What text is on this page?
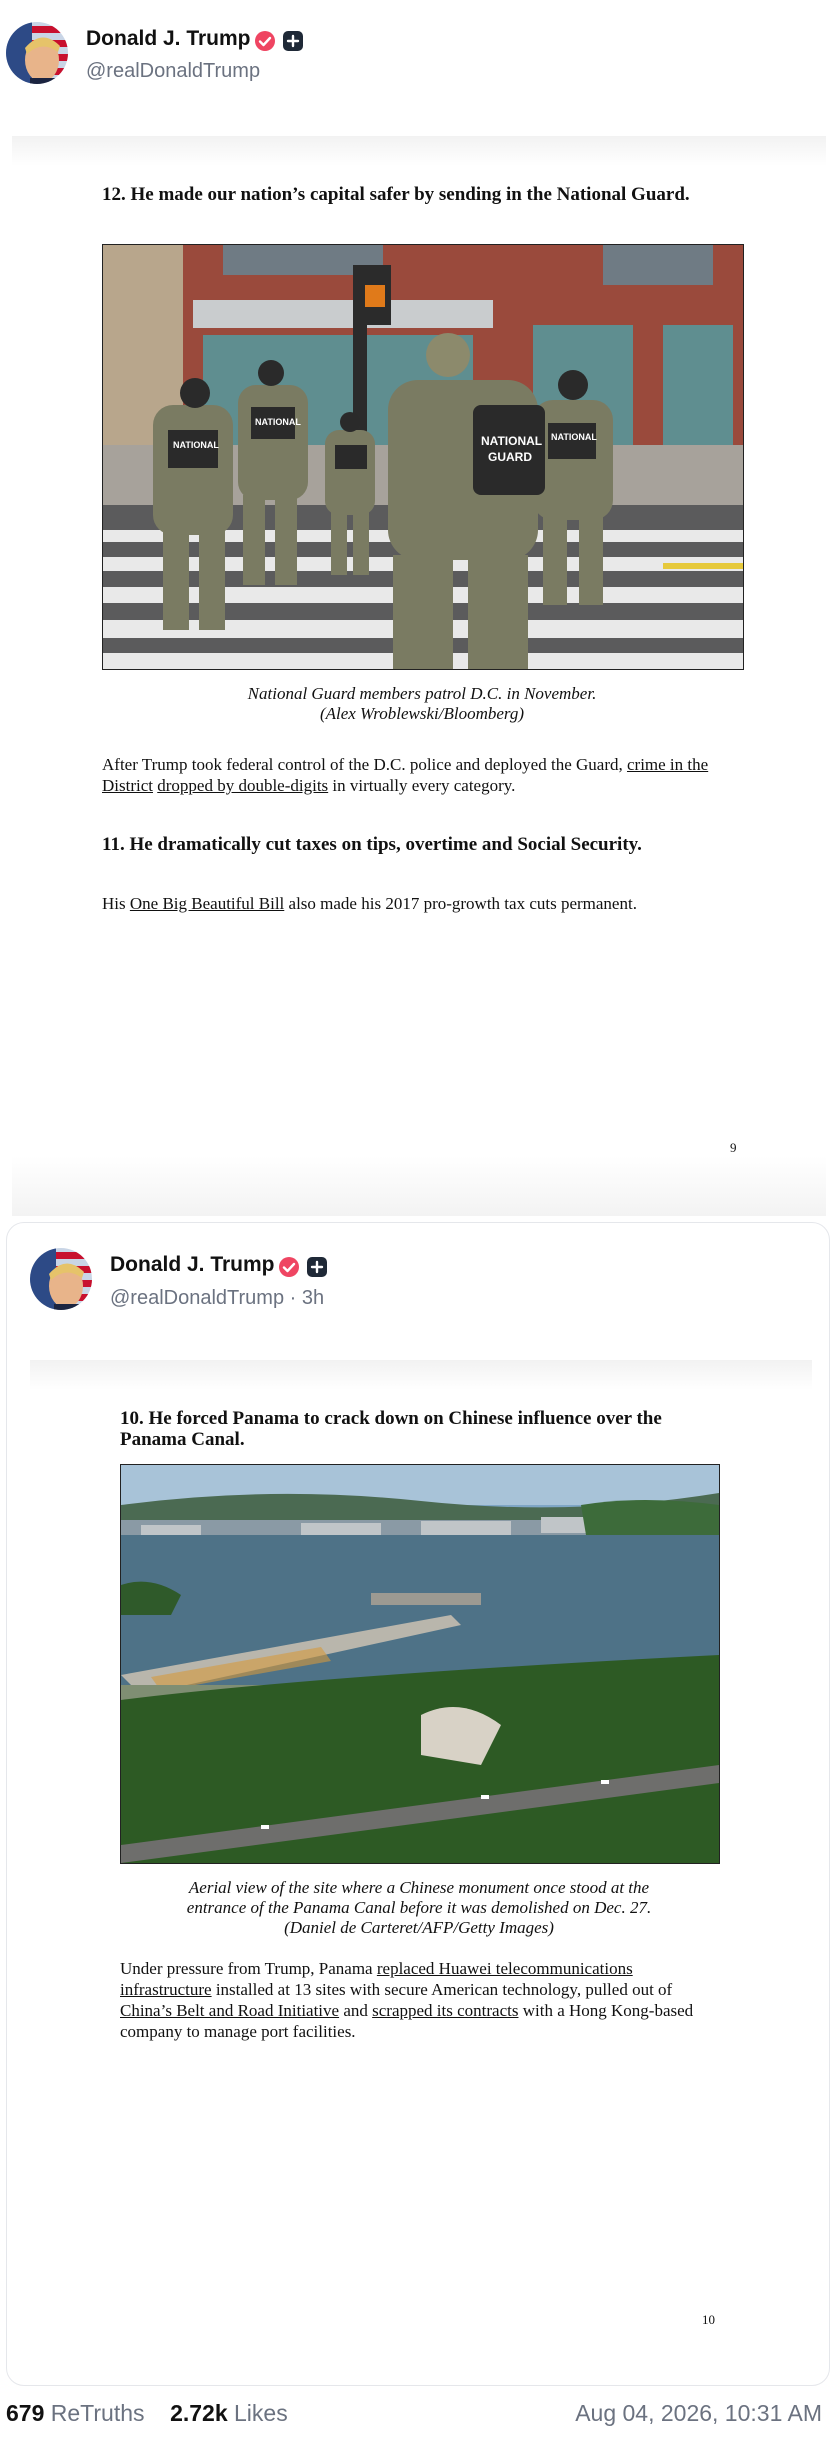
Donald J. Trump
@realDonaldTrump
12. He made our nation’s capital safer by sending in the National Guard.
NATIONAL
NATIONAL
NATIONAL
NATIONAL
GUARD
National Guard members patrol D.C. in November.
(Alex Wroblewski/Bloomberg)
After Trump took federal control of the D.C. police and deployed the Guard, crime in the District dropped by double-digits in virtually every category.
11. He dramatically cut taxes on tips, overtime and Social Security.
His One Big Beautiful Bill also made his 2017 pro-growth tax cuts permanent.
9
Donald J. Trump
@realDonaldTrump · 3h
10. He forced Panama to crack down on Chinese influence over the Panama Canal.
Aerial view of the site where a Chinese monument once stood at the
entrance of the Panama Canal before it was demolished on Dec. 27.
(Daniel de Carteret/AFP/Getty Images)
Under pressure from Trump, Panama replaced Huawei telecommunications infrastructure installed at 13 sites with secure American technology, pulled out of China’s Belt and Road Initiative and scrapped its contracts with a Hong Kong-based company to manage port facilities.
10
679 ReTruths 2.72k Likes	Aug 04, 2026, 10:31 AM
